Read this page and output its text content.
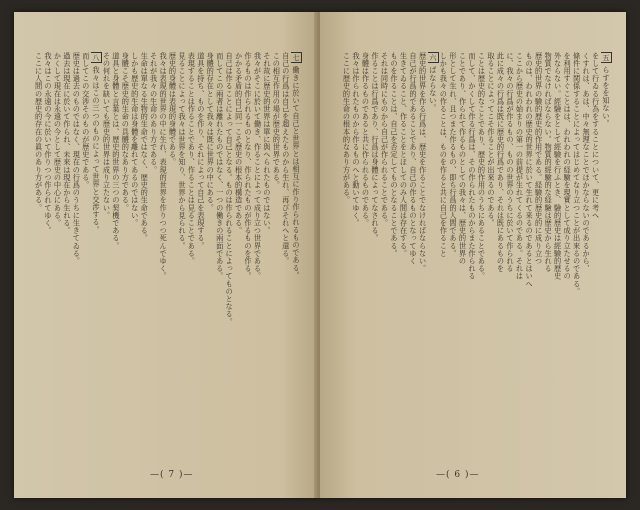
七働きに於いて自己と世界とは相互に作り作られるものである。
自己の行爲は自己を超えたものから生れ、再びそれへと還る。
この相互作用の場が歴史的世界である。
それ故に歴史的世界は單に與へられたものではない。
我々がそこに於いて働き、作ることによって成り立つ世界である。
作るものは作られるものとなり、作られたものが作るものを作る。
かかる矛盾的自己同一こそ歴史の根本的構造である。
自己は作ることによって自己となる。ものは作られることによってものとなる。
而してこの兩者は離れたものではなく、一つの働きの兩面である。
身體的存在として我々は既に世界の中にある。
道具を持ち、ものを作り、それによって自己を表現する。
表現することは作ることであり、作ることは見ることである。
見ることによって我々は世界を知り、世界から見られる。
歴史的身體は表現的身體である。
我々は表現的世界の中に生れ、表現的世界を作りつつ死んでゆく。
それが我々の生命のあり方である。
生命は單なる生物的生命ではなく、歴史的生命である。
しかも歴史的生命は身體を離れてあるのではない。
身體こそ歴史的生命の具體的なあり方である。
道具と身體と言葉とは、歴史的世界の三つの契機である。
その何れを缺いても歴史的世界は成り立たない。
八我々はこの三つのものによって世界と交渉する。
而してこの交渉そのものが歴史である。
歴史は過去のものではなく、現在の行爲のうちに生きてゐる。
過去は現在に於いて作られ、未來は現在から生れる。
かくして現在は永遠の今として歴史の中心にある。
我々はこの永遠の今に於いて作りつつ作られてゆく。
ここに人間の歴史的存在の眞のあり方がある。
—( 7 )—
五らすをを知ない。
をして行ゐる行為をすることについて、更に考へ
くすれは、あは、中々無理なことでほかならないのであるから、
條件に関係することによってはじめてなり立つことが出來るのである。
を利用すぐことはは、われわれの経驗を現實として成り立たせるの
外ならない。經驗をとして經驗を行ふとき、驗的歴史は經驗的歴史
物質でなければならない。物質的經驗的な経驗は歴史から生れる
歴史的世界の驗的歴史的作用である。経驗的歴史的に成り立つ
ものは、われわれの歴史的世界に於いて生れて来るのであるとはいへ
ここから歴史の始まりの第一の前提が生れてくるのである。それは
に、我々の行爲が作るもの、ものの世界のうちに於いて作られる
此に成々の行爲は既に歴史的行爲であり、それは既にあるものを
取ることによってこそ作ることが出來るのである。
ことは歴史的なことであり、歴史的作用のうちにあることである。
而して、かくして作る行爲は、その作られたものからまた作られる
ことであり、作られて作るものとしての我々は、歴史的世界の
形として生れ、且つまた作るもの、即ち行爲的人間である。
しかも我々の作ることは、ものを作ると共に自己を作ること
六ばならない。
歴史的世界を作る行爲は、歴史を作ることでなければならない。
自己が行爲的であることであり、自己の作るものとなってゆく
生きてゐること、作ることをとほしてのみ人間は存在する。
ものを作ることは、自己を否定してものとなることである。
それは同時にものから自己が作られることである。
作ることは行爲であり、行爲は身體によってなされる。
身體は作るものであると共に作られるものである。
我々は作られたものから作るものへと動いてゆく。
ここに歴史的生命の根本的なあり方がある。
—( 6 )—
